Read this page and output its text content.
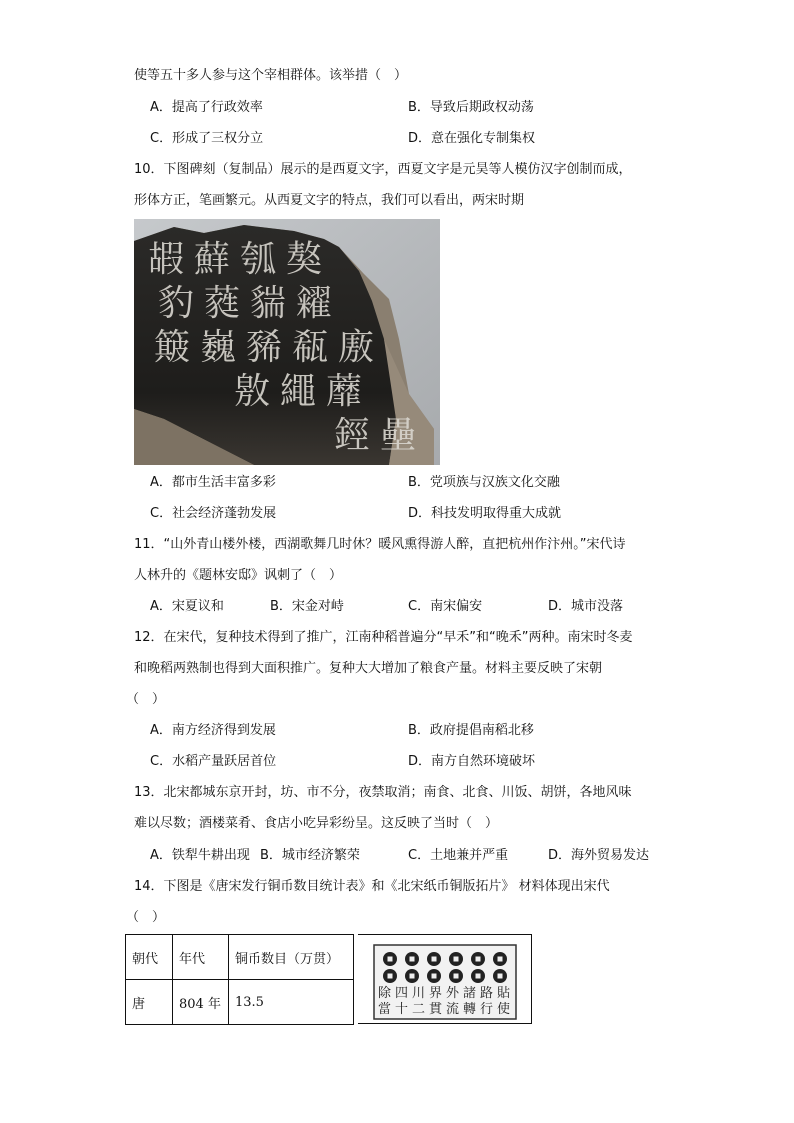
使等五十多人参与这个宰相群体。该举措（　）
A．提高了行政效率	B．导致后期政权动荡
C．形成了三权分立	D．意在强化专制集权
10．下图碑刻（复制品）展示的是西夏文字，西夏文字是元昊等人模仿汉字创制而成，
形体方正，笔画繁元。从西夏文字的特点，我们可以看出，两宋时期
嘏 蘚 瓠 獒
豹 蕤 貒 糴
簸 巍 豨 瓻 廒
敫 繩 蘼
鋞 壘
A．都市生活丰富多彩	B．党项族与汉族文化交融
C．社会经济蓬勃发展	D．科技发明取得重大成就
11．“山外青山楼外楼，西湖歌舞几时休？暖风熏得游人醉，直把杭州作汴州。”宋代诗
人林升的《题林安邸》讽刺了（　）
A．宋夏议和	B．宋金对峙	C．南宋偏安	D．城市没落
12．在宋代，复种技术得到了推广，江南种稻普遍分“早禾”和“晚禾”两种。南宋时冬麦
和晚稻两熟制也得到大面积推广。复种大大增加了粮食产量。材料主要反映了宋朝
（　）
A．南方经济得到发展	B．政府提倡南稻北移
C．水稻产量跃居首位	D．南方自然环境破坏
13．北宋都城东京开封，坊、市不分，夜禁取消；南食、北食、川饭、胡饼，各地风味
难以尽数；酒楼菜肴、食店小吃异彩纷呈。这反映了当时（　）
A．铁犁牛耕出现 B．城市经济繁荣	C．土地兼并严重	D．海外贸易发达
14．下图是《唐宋发行铜币数目统计表》和《北宋纸币铜版拓片》 材料体现出宋代
（　）
朝代	年代	铜币数目（万贯）
唐	804 年	13.5
除 四 川 界 外 諸 路 貼
當 十 二 貫 流 轉 行 使
